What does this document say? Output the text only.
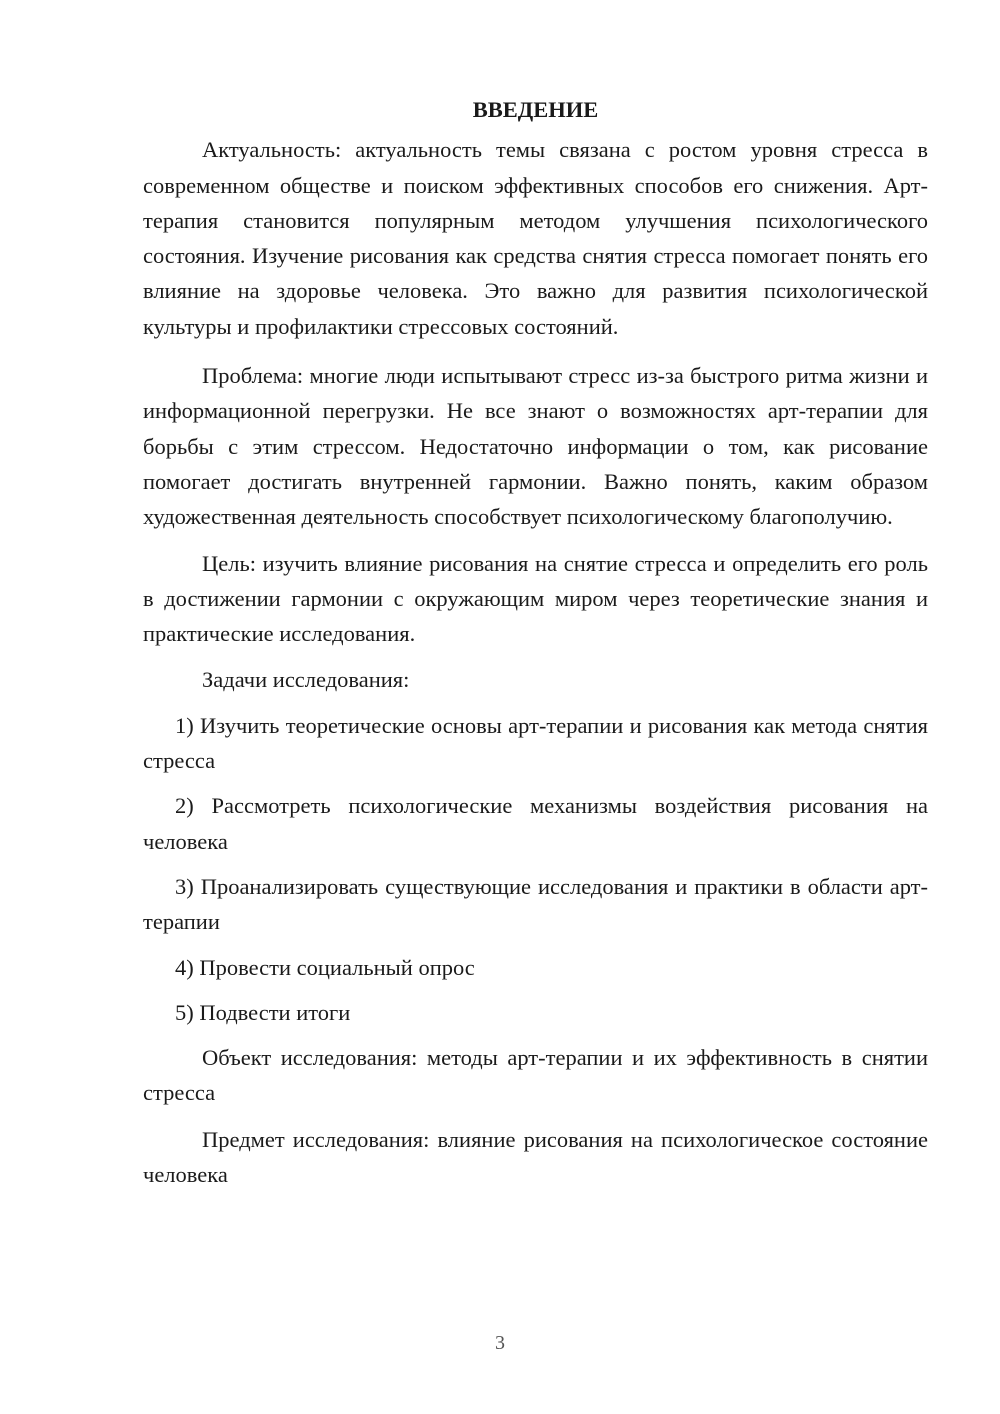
ВВЕДЕНИЕ

Актуальность: актуальность темы связана с ростом уровня стресса в современном обществе и поиском эффективных способов его снижения. Арт-терапия становится популярным методом улучшения психологического состояния. Изучение рисования как средства снятия стресса помогает понять его влияние на здоровье человека. Это важно для развития психологической культуры и профилактики стрессовых состояний.

Проблема: многие люди испытывают стресс из-за быстрого ритма жизни и информационной перегрузки. Не все знают о возможностях арт-терапии для борьбы с этим стрессом. Недостаточно информации о том, как рисование помогает достигать внутренней гармонии. Важно понять, каким образом художественная деятельность способствует психологическому благополучию.

Цель: изучить влияние рисования на снятие стресса и определить его роль в достижении гармонии с окружающим миром через теоретические знания и практические исследования.

Задачи исследования:

1) Изучить теоретические основы арт-терапии и рисования как метода снятия стресса

2) Рассмотреть психологические механизмы воздействия рисования на человека

3) Проанализировать существующие исследования и практики в области арт-терапии

4) Провести социальный опрос

5) Подвести итоги

Объект исследования: методы арт-терапии и их эффективность в снятии стресса

Предмет исследования: влияние рисования на психологическое состояние человека

3
